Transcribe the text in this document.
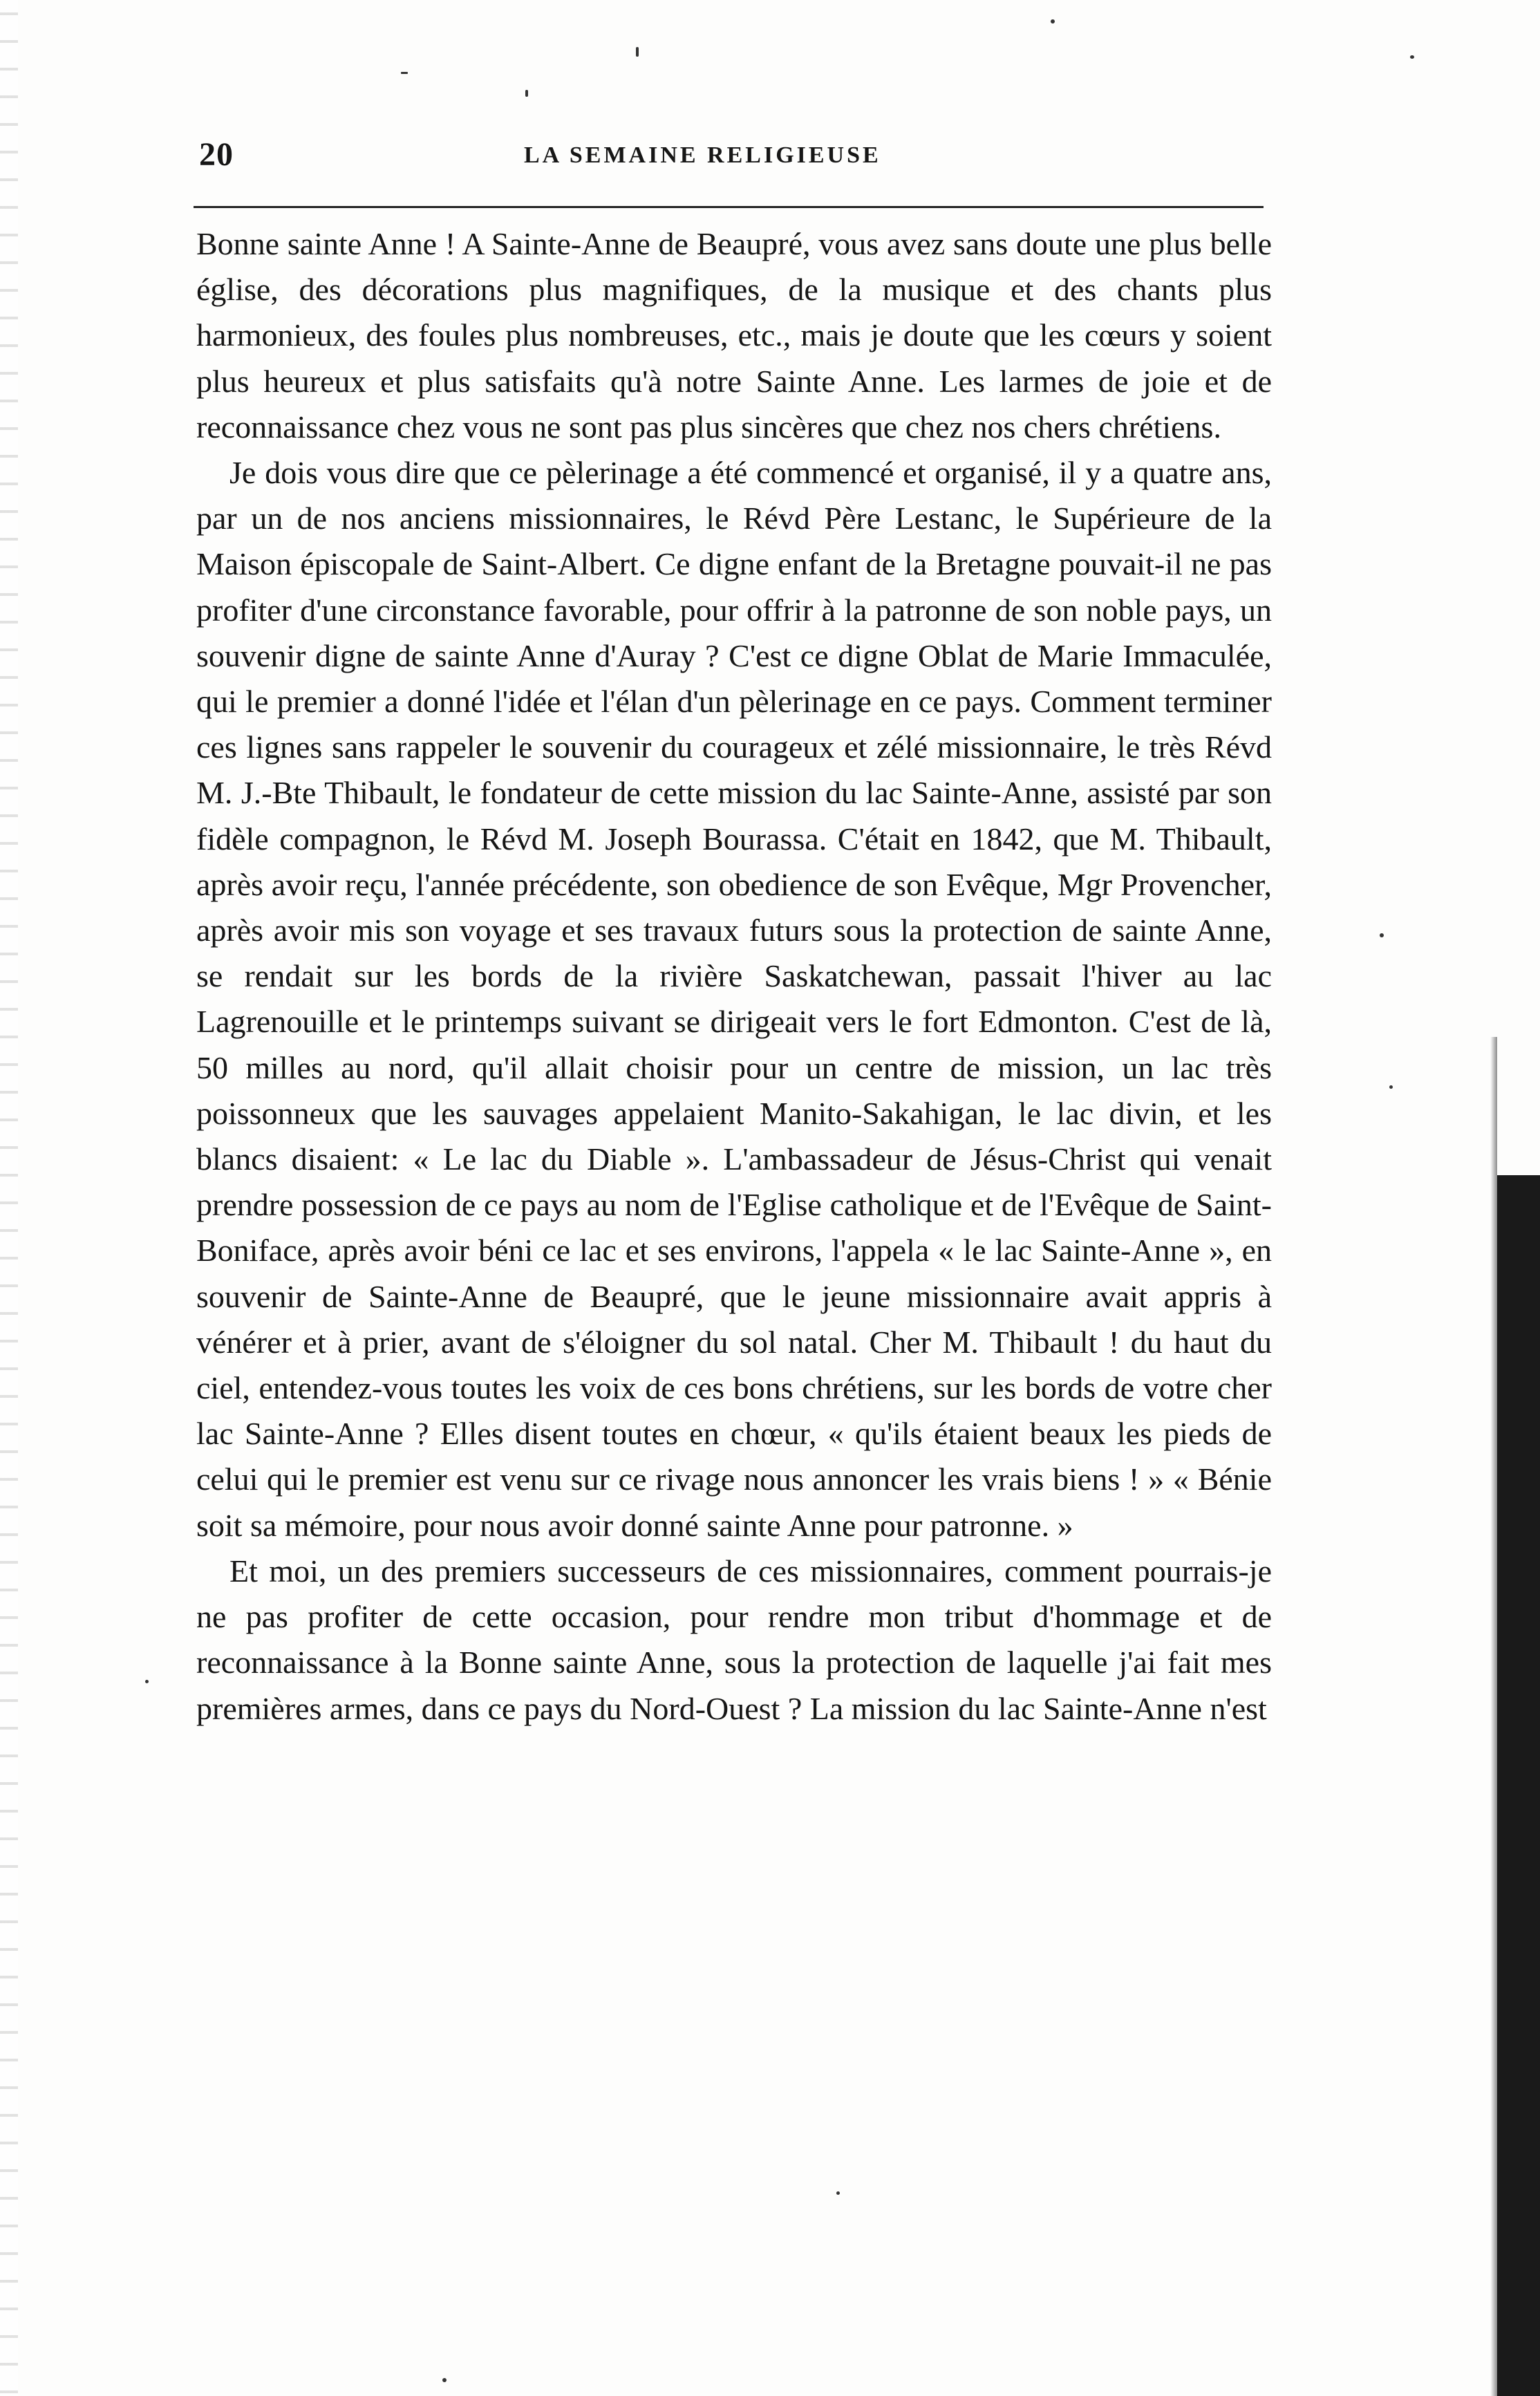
20	LA SEMAINE RELIGIEUSE

Bonne sainte Anne ! A Sainte-Anne de Beaupré, vous avez sans doute une plus belle église, des décorations plus magnifiques, de la musique et des chants plus harmonieux, des foules plus nombreuses, etc., mais je doute que les cœurs y soient plus heureux et plus satisfaits qu'à notre Sainte Anne. Les larmes de joie et de reconnaissance chez vous ne sont pas plus sincères que chez nos chers chrétiens.

Je dois vous dire que ce pèlerinage a été commencé et organisé, il y a quatre ans, par un de nos anciens missionnaires, le Révd Père Lestanc, le Supérieure de la Maison épiscopale de Saint-Albert. Ce digne enfant de la Bretagne pouvait-il ne pas profiter d'une circonstance favorable, pour offrir à la patronne de son noble pays, un souvenir digne de sainte Anne d'Auray ? C'est ce digne Oblat de Marie Immaculée, qui le premier a donné l'idée et l'élan d'un pèlerinage en ce pays. Comment terminer ces lignes sans rappeler le souvenir du courageux et zélé missionnaire, le très Révd M. J.-Bte Thibault, le fondateur de cette mission du lac Sainte-Anne, assisté par son fidèle compagnon, le Révd M. Joseph Bourassa. C'était en 1842, que M. Thibault, après avoir reçu, l'année précédente, son obedience de son Evêque, Mgr Provencher, après avoir mis son voyage et ses travaux futurs sous la protection de sainte Anne, se rendait sur les bords de la rivière Saskatchewan, passait l'hiver au lac Lagrenouille et le printemps suivant se dirigeait vers le fort Edmonton. C'est de là, 50 milles au nord, qu'il allait choisir pour un centre de mission, un lac très poissonneux que les sauvages appelaient Manito-Sakahigan, le lac divin, et les blancs disaient: « Le lac du Diable ». L'ambassadeur de Jésus-Christ qui venait prendre possession de ce pays au nom de l'Eglise catholique et de l'Evêque de Saint-Boniface, après avoir béni ce lac et ses environs, l'appela « le lac Sainte-Anne », en souvenir de Sainte-Anne de Beaupré, que le jeune missionnaire avait appris à vénérer et à prier, avant de s'éloigner du sol natal. Cher M. Thibault ! du haut du ciel, entendez-vous toutes les voix de ces bons chrétiens, sur les bords de votre cher lac Sainte-Anne ? Elles disent toutes en chœur, « qu'ils étaient beaux les pieds de celui qui le premier est venu sur ce rivage nous annoncer les vrais biens ! » « Bénie soit sa mémoire, pour nous avoir donné sainte Anne pour patronne. »

Et moi, un des premiers successeurs de ces missionnaires, comment pourrais-je ne pas profiter de cette occasion, pour rendre mon tribut d'hommage et de reconnaissance à la Bonne sainte Anne, sous la protection de laquelle j'ai fait mes premières armes, dans ce pays du Nord-Ouest ? La mission du lac Sainte-Anne n'est
